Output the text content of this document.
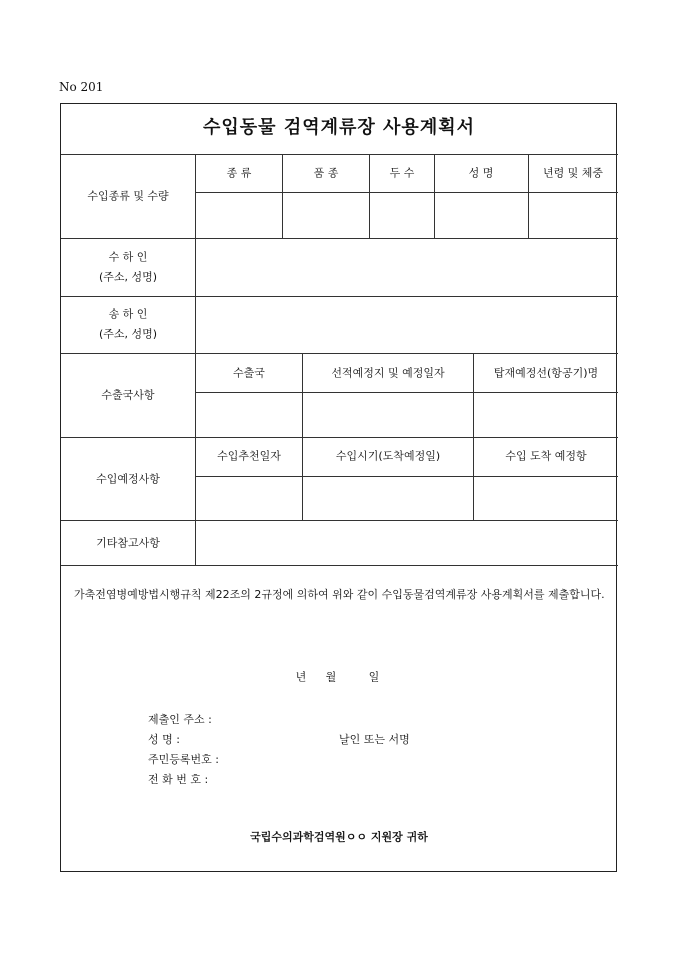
No 201
수입동물 검역계류장 사용계획서
수입종류 및 수량
종 류	품 종	두 수	성 명	년령 및 체중
수 하 인
(주소, 성명)
송 하 인
(주소, 성명)
수출국사항
수출국	선적예정지 및 예정일자	탑재예정선(항공기)명
수입예정사항
수입추천일자	수입시기(도착예정일)	수입 도착 예정항
기타참고사항
가축전염병예방법시행규칙 제22조의 2규정에 의하여 위와 같이 수입동물검역계류장 사용계획서를 제출합니다.
년 월	일
제출인 주소 :
성 명 :	날인 또는 서명
주민등록번호 :
전 화 번 호 :
국립수의과학검역원ㅇㅇ 지원장 귀하
